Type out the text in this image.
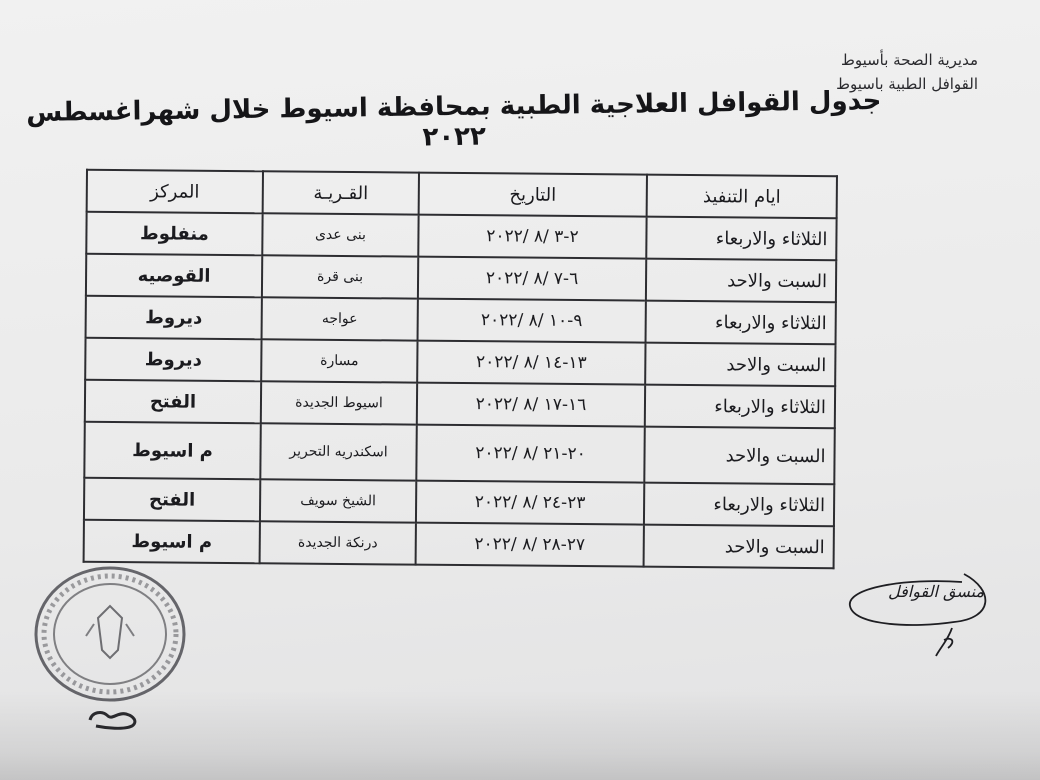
مديرية الصحة بأسيوط
القوافل الطبية باسيوط
جدول القوافل العلاجية الطبية بمحافظة اسيوط خلال شهراغسطس ٢٠٢٢
ايام التنفيذ	التاريخ	القـريـة	المركز
الثلاثاء والاربعاء	٢-٣ /٨ /٢٠٢٢	بنى عدى	منفلوط
السبت والاحد	٦-٧ /٨ /٢٠٢٢	بنى قرة	القوصيه
الثلاثاء والاربعاء	٩-١٠ /٨ /٢٠٢٢	عواجه	ديروط
السبت والاحد	١٣-١٤ /٨ /٢٠٢٢	مسارة	ديروط
الثلاثاء والاربعاء	١٦-١٧ /٨ /٢٠٢٢	اسيوط الجديدة	الفتح
السبت والاحد	٢٠-٢١ /٨ /٢٠٢٢	اسكندريه التحرير	م اسيوط
الثلاثاء والاربعاء	٢٣-٢٤ /٨ /٢٠٢٢	الشيخ سويف	الفتح
السبت والاحد	٢٧-٢٨ /٨ /٢٠٢٢	درنكة الجديدة	م اسيوط
منسق القوافل
